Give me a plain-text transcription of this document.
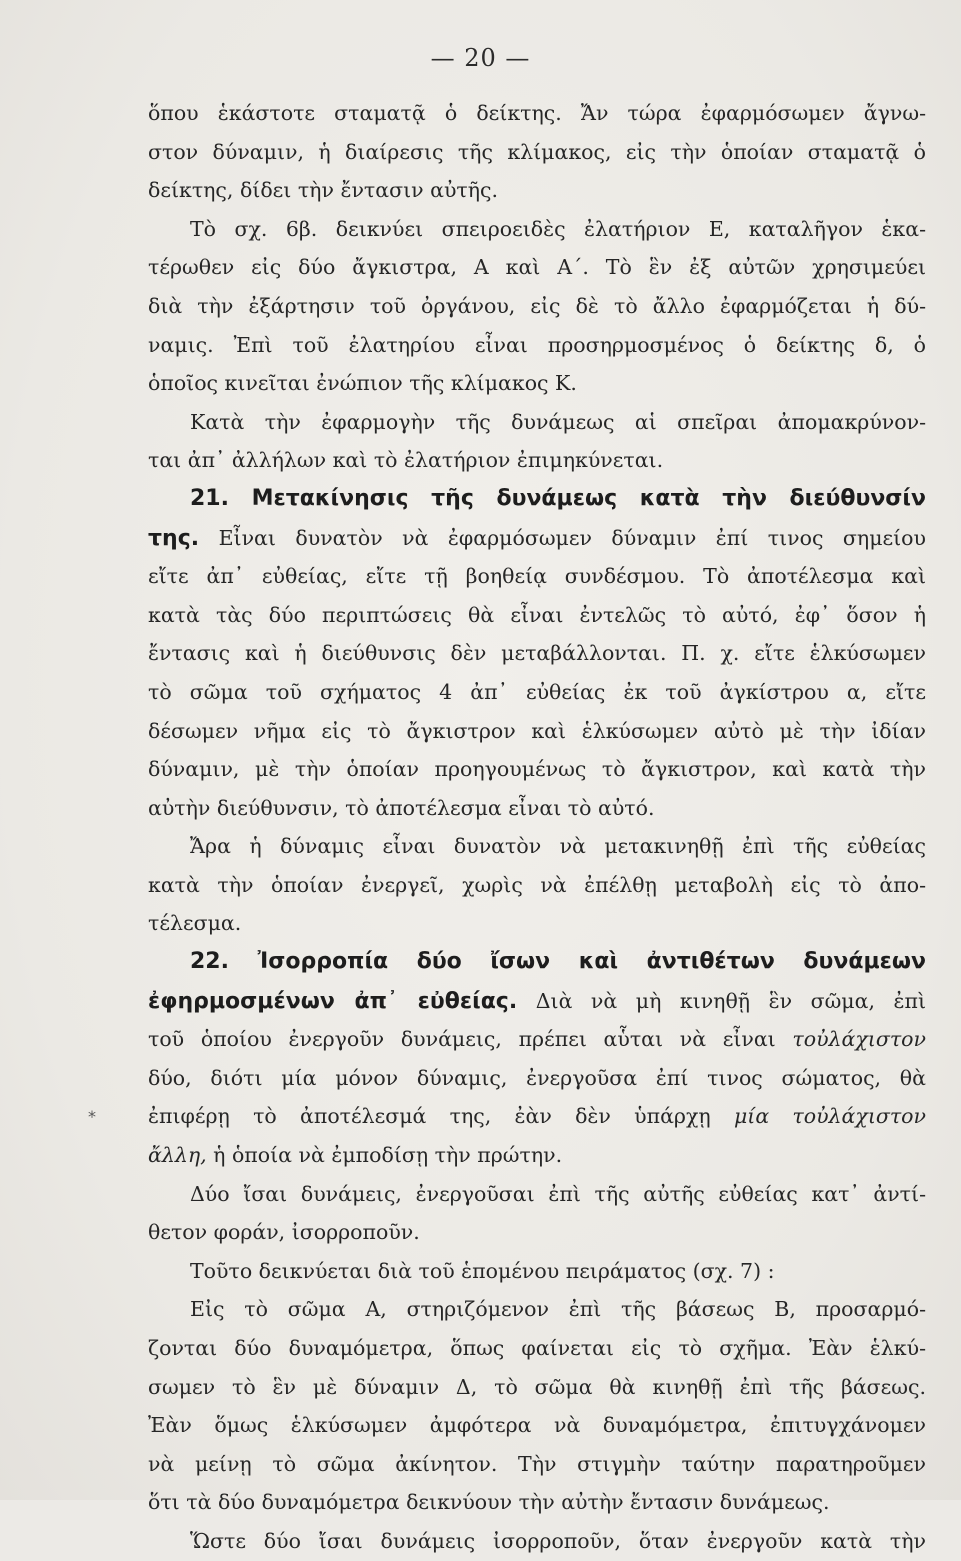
— 20 —
*
ὅπου ἑκάστοτε σταματᾷ ὁ δείκτης. Ἄν τώρα ἐφαρμόσωμεν ἄγνω-
στον δύναμιν, ἡ διαίρεσις τῆς κλίμακος, εἰς τὴν ὁποίαν σταματᾷ ὁ
δείκτης, δίδει τὴν ἔντασιν αὐτῆς.
Τὸ σχ. 6β. δεικνύει σπειροειδὲς ἐλατήριον Ε, καταλῆγον ἑκα-
τέρωθεν εἰς δύο ἄγκιστρα, Α καὶ Α΄. Τὸ ἓν ἐξ αὐτῶν χρησιμεύει
διὰ τὴν ἐξάρτησιν τοῦ ὀργάνου, εἰς δὲ τὸ ἄλλο ἐφαρμόζεται ἡ δύ-
ναμις. Ἐπὶ τοῦ ἐλατηρίου εἶναι προσηρμοσμένος ὁ δείκτης δ, ὁ
ὁποῖος κινεῖται ἐνώπιον τῆς κλίμακος Κ.
Κατὰ τὴν ἐφαρμογὴν τῆς δυνάμεως αἱ σπεῖραι ἀπομακρύνον-
ται ἀπ᾿ ἀλλήλων καὶ τὸ ἐλατήριον ἐπιμηκύνεται.
21. Μετακίνησις τῆς δυνάμεως κατὰ τὴν διεύθυνσίν
της. Εἶναι δυνατὸν νὰ ἐφαρμόσωμεν δύναμιν ἐπί τινος σημείου
εἴτε ἀπ᾿ εὐθείας, εἴτε τῇ βοηθείᾳ συνδέσμου. Τὸ ἀποτέλεσμα καὶ
κατὰ τὰς δύο περιπτώσεις θὰ εἶναι ἐντελῶς τὸ αὐτό, ἐφ᾿ ὅσον ἡ
ἔντασις καὶ ἡ διεύθυνσις δὲν μεταβάλλονται. Π. χ. εἴτε ἑλκύσωμεν
τὸ σῶμα τοῦ σχήματος 4 ἀπ᾿ εὐθείας ἐκ τοῦ ἀγκίστρου α, εἴτε
δέσωμεν νῆμα εἰς τὸ ἄγκιστρον καὶ ἑλκύσωμεν αὐτὸ μὲ τὴν ἰδίαν
δύναμιν, μὲ τὴν ὁποίαν προηγουμένως τὸ ἄγκιστρον, καὶ κατὰ τὴν
αὐτὴν διεύθυνσιν, τὸ ἀποτέλεσμα εἶναι τὸ αὐτό.
Ἄρα ἡ δύναμις εἶναι δυνατὸν νὰ μετακινηθῇ ἐπὶ τῆς εὐθείας
κατὰ τὴν ὁποίαν ἐνεργεῖ, χωρὶς νὰ ἐπέλθῃ μεταβολὴ εἰς τὸ ἀπο-
τέλεσμα.
22. Ἰσορροπία δύο ἴσων καὶ ἀντιθέτων δυνάμεων
ἐφηρμοσμένων ἀπ᾿ εὐθείας. Διὰ νὰ μὴ κινηθῇ ἓν σῶμα, ἐπὶ
τοῦ ὁποίου ἐνεργοῦν δυνάμεις, πρέπει αὗται νὰ εἶναι τοὐλάχιστον
δύο, διότι μία μόνον δύναμις, ἐνεργοῦσα ἐπί τινος σώματος, θὰ
ἐπιφέρῃ τὸ ἀποτέλεσμά της, ἐὰν δὲν ὑπάρχῃ μία τοὐλάχιστον
ἄλλη, ἡ ὁποία νὰ ἐμποδίσῃ τὴν πρώτην.
Δύο ἴσαι δυνάμεις, ἐνεργοῦσαι ἐπὶ τῆς αὐτῆς εὐθείας κατ᾿ ἀντί-
θετον φοράν, ἰσορροποῦν.
Τοῦτο δεικνύεται διὰ τοῦ ἑπομένου πειράματος (σχ. 7) :
Εἰς τὸ σῶμα Α, στηριζόμενον ἐπὶ τῆς βάσεως Β, προσαρμό-
ζονται δύο δυναμόμετρα, ὅπως φαίνεται εἰς τὸ σχῆμα. Ἐὰν ἑλκύ-
σωμεν τὸ ἓν μὲ δύναμιν Δ, τὸ σῶμα θὰ κινηθῇ ἐπὶ τῆς βάσεως.
Ἐὰν ὅμως ἑλκύσωμεν ἀμφότερα νὰ δυναμόμετρα, ἐπιτυγχάνομεν
νὰ μείνῃ τὸ σῶμα ἀκίνητον. Τὴν στιγμὴν ταύτην παρατηροῦμεν
ὅτι τὰ δύο δυναμόμετρα δεικνύουν τὴν αὐτὴν ἔντασιν δυνάμεως.
Ὥστε δύο ἴσαι δυνάμεις ἰσορροποῦν, ὅταν ἐνεργοῦν κατὰ τὴν
